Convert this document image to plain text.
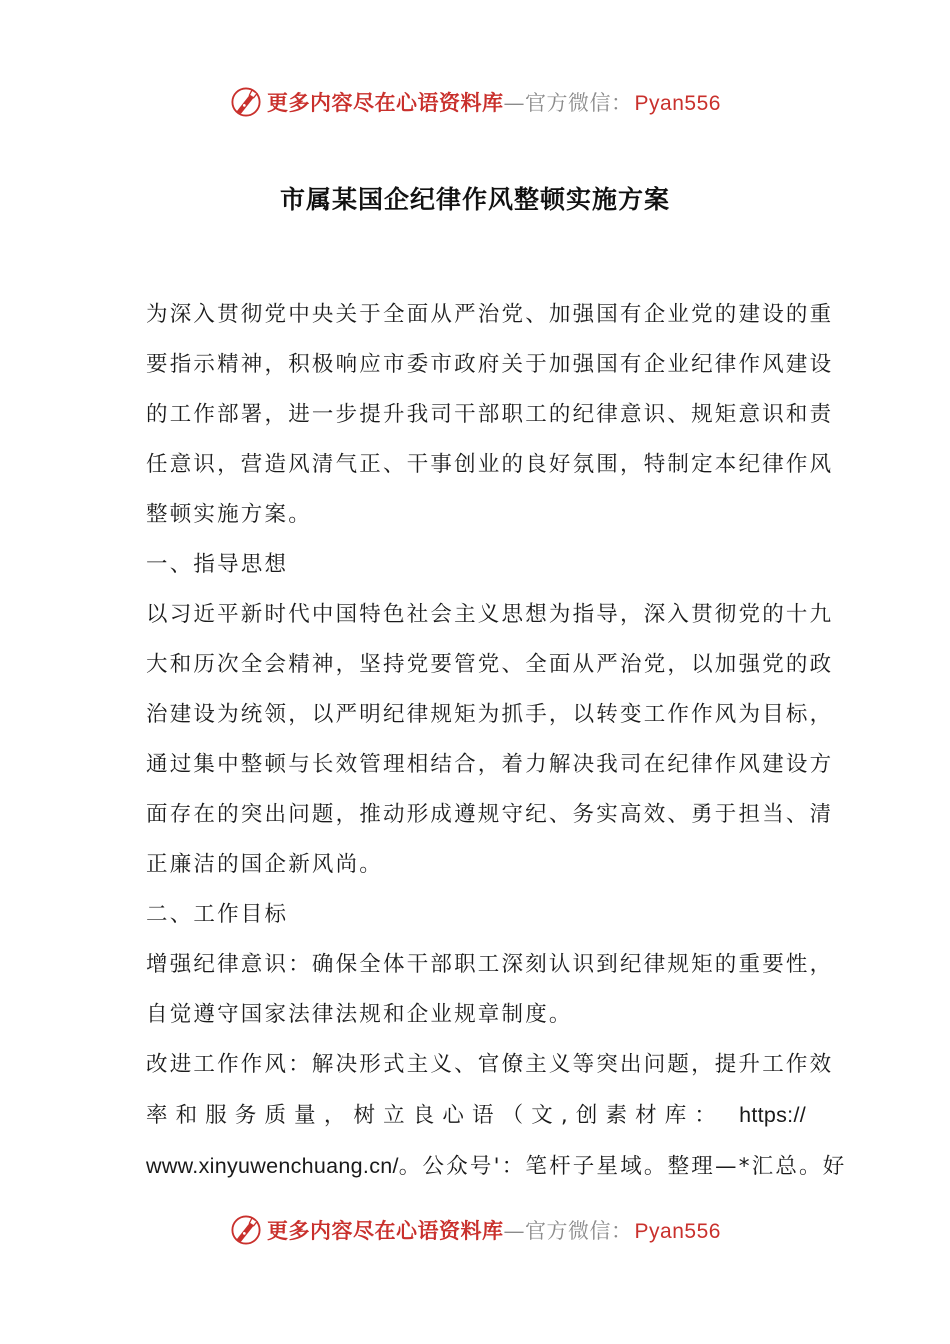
更多内容尽在心语资料库—官方微信：Pyan556
市属某国企纪律作风整顿实施方案

为深入贯彻党中央关于全面从严治党、加强国有企业党的建设的重
要指示精神，积极响应市委市政府关于加强国有企业纪律作风建设
的工作部署，进一步提升我司干部职工的纪律意识、规矩意识和责
任意识，营造风清气正、干事创业的良好氛围，特制定本纪律作风
整顿实施方案。

一、指导思想

以习近平新时代中国特色社会主义思想为指导，深入贯彻党的十九
大和历次全会精神，坚持党要管党、全面从严治党，以加强党的政
治建设为统领，以严明纪律规矩为抓手，以转变工作作风为目标，
通过集中整顿与长效管理相结合，着力解决我司在纪律作风建设方
面存在的突出问题，推动形成遵规守纪、务实高效、勇于担当、清
正廉洁的国企新风尚。

二、工作目标

增强纪律意识：确保全体干部职工深刻认识到纪律规矩的重要性，
自觉遵守国家法律法规和企业规章制度。

改进工作作风：解决形式主义、官僚主义等突出问题，提升工作效
率和服务质量，树立良心语（文,创素材库： https://
www.xinyuwenchuang.cn/。公众号'：笔杆子星域。整理—*汇总。好

更多内容尽在心语资料库—官方微信：Pyan556
